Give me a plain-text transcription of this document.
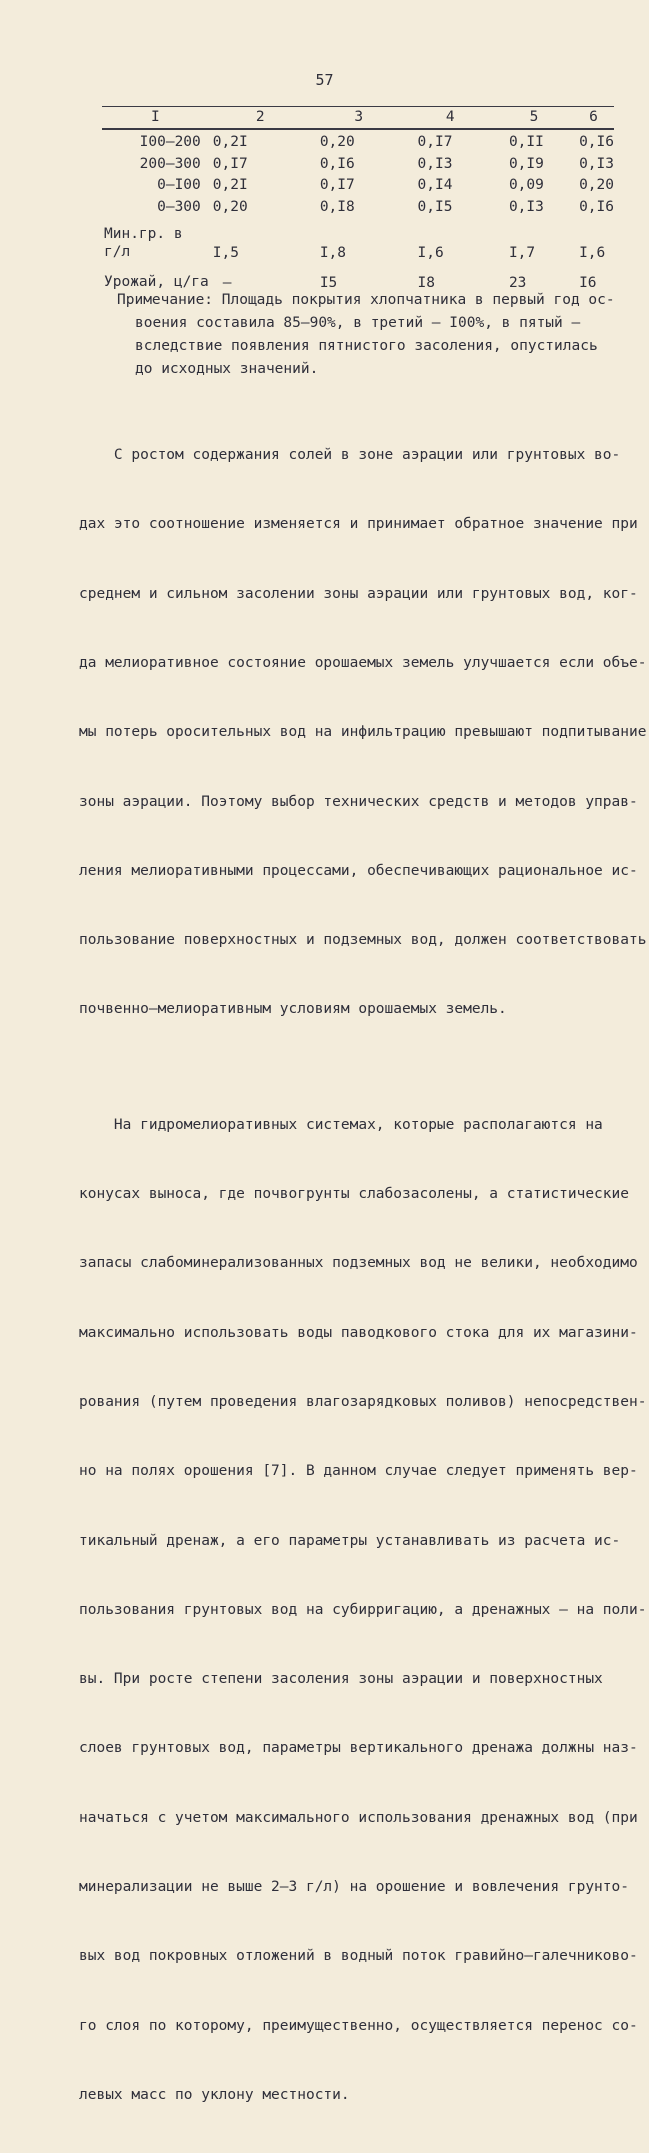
57
I	2	3	4	5	6
I00–200	0,2I	0,20	0,I7	0,II	0,I6
200–300	0,I7	0,I6	0,I3	0,I9	0,I3
0–I00	0,2I	0,I7	0,I4	0,09	0,20
0–300	0,20	0,I8	0,I5	0,I3	0,I6
Мин.гр. в
г/л	I,5	I,8	I,6	I,7	I,6
Урожай, ц/га	–	I5	I8	23	I6
Примечание: Площадь покрытия хлопчатника в первый год ос-
воения составила 85–90%, в третий – I00%, в пятый –
вследствие появления пятнистого засоления, опустилась
до исходных значений.

С ростом содержания солей в зоне аэрации или грунтовых во-

дах это соотношение изменяется и принимает обратное значение при

среднем и сильном засолении зоны аэрации или грунтовых вод, ког-

да мелиоративное состояние орошаемых земель улучшается если объе-

мы потерь оросительных вод на инфильтрацию превышают подпитывание

зоны аэрации. Поэтому выбор технических средств и методов управ-

ления мелиоративными процессами, обеспечивающих рациональное ис-

пользование поверхностных и подземных вод, должен соответствовать

почвенно–мелиоративным условиям орошаемых земель.

На гидромелиоративных системах, которые располагаются на

конусах выноса, где почвогрунты слабозасолены, а статистические

запасы слабоминерализованных подземных вод не велики, необходимо

максимально использовать воды паводкового стока для их магазини-

рования (путем проведения влагозарядковых поливов) непосредствен-

но на полях орошения [7]. В данном случае следует применять вер-

тикальный дренаж, а его параметры устанавливать из расчета ис-

пользования грунтовых вод на субирригацию, а дренажных – на поли-

вы. При росте степени засоления зоны аэрации и поверхностных

слоев грунтовых вод, параметры вертикального дренажа должны наз-

начаться с учетом максимального использования дренажных вод (при

минерализации не выше 2–3 г/л) на орошение и вовлечения грунто-

вых вод покровных отложений в водный поток гравийно–галечниково-

го слоя по которому, преимущественно, осуществляется перенос со-

левых масс по уклону местности.
